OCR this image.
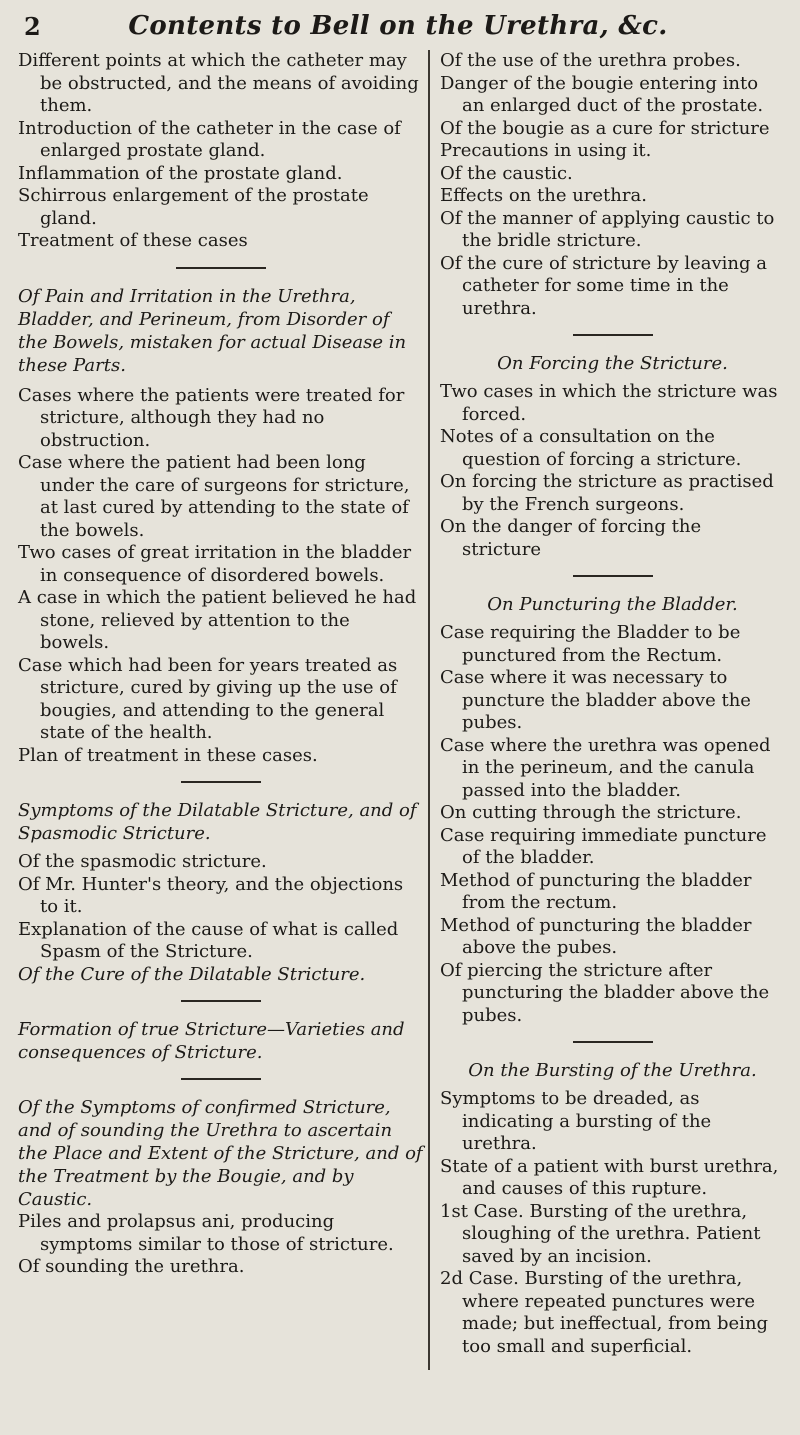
2	Contents to Bell on the Urethra, &c.

Different points at which the catheter may be obstructed, and the means of avoiding them.

Introduction of the catheter in the case of enlarged prostate gland.

Inflammation of the prostate gland.

Schirrous enlargement of the prostate gland.

Treatment of these cases

Of Pain and Irritation in the Urethra, Bladder, and Perineum, from Disorder of the Bowels, mistaken for actual Disease in these Parts.

Cases where the patients were treated for stricture, although they had no obstruction.

Case where the patient had been long under the care of surgeons for stricture, at last cured by attending to the state of the bowels.

Two cases of great irritation in the bladder in consequence of disordered bowels.

A case in which the patient believed he had stone, relieved by attention to the bowels.

Case which had been for years treated as stricture, cured by giving up the use of bougies, and attending to the general state of the health.

Plan of treatment in these cases.

Symptoms of the Dilatable Stricture, and of Spasmodic Stricture.

Of the spasmodic stricture.

Of Mr. Hunter's theory, and the objections to it.

Explanation of the cause of what is called Spasm of the Stricture.

Of the Cure of the Dilatable Stricture.

Formation of true Stricture—Varieties and consequences of Stricture.

Of the Symptoms of confirmed Stricture, and of sounding the Urethra to ascertain the Place and Extent of the Stricture, and of the Treatment by the Bougie, and by Caustic.

Piles and prolapsus ani, producing symptoms similar to those of stricture.

Of sounding the urethra.

Of the use of the urethra probes.

Danger of the bougie entering into an enlarged duct of the prostate.

Of the bougie as a cure for stricture

Precautions in using it.

Of the caustic.

Effects on the urethra.

Of the manner of applying caustic to the bridle stricture.

Of the cure of stricture by leaving a catheter for some time in the urethra.

On Forcing the Stricture.

Two cases in which the stricture was forced.

Notes of a consultation on the question of forcing a stricture.

On forcing the stricture as practised by the French surgeons.

On the danger of forcing the stricture

On Puncturing the Bladder.

Case requiring the Bladder to be punctured from the Rectum.

Case where it was necessary to puncture the bladder above the pubes.

Case where the urethra was opened in the perineum, and the canula passed into the bladder.

On cutting through the stricture.

Case requiring immediate puncture of the bladder.

Method of puncturing the bladder from the rectum.

Method of puncturing the bladder above the pubes.

Of piercing the stricture after puncturing the bladder above the pubes.

On the Bursting of the Urethra.

Symptoms to be dreaded, as indicating a bursting of the urethra.

State of a patient with burst urethra, and causes of this rupture.

1st Case. Bursting of the urethra, sloughing of the urethra. Patient saved by an incision.

2d Case. Bursting of the urethra, where repeated punctures were made; but ineffectual, from being too small and superficial.
